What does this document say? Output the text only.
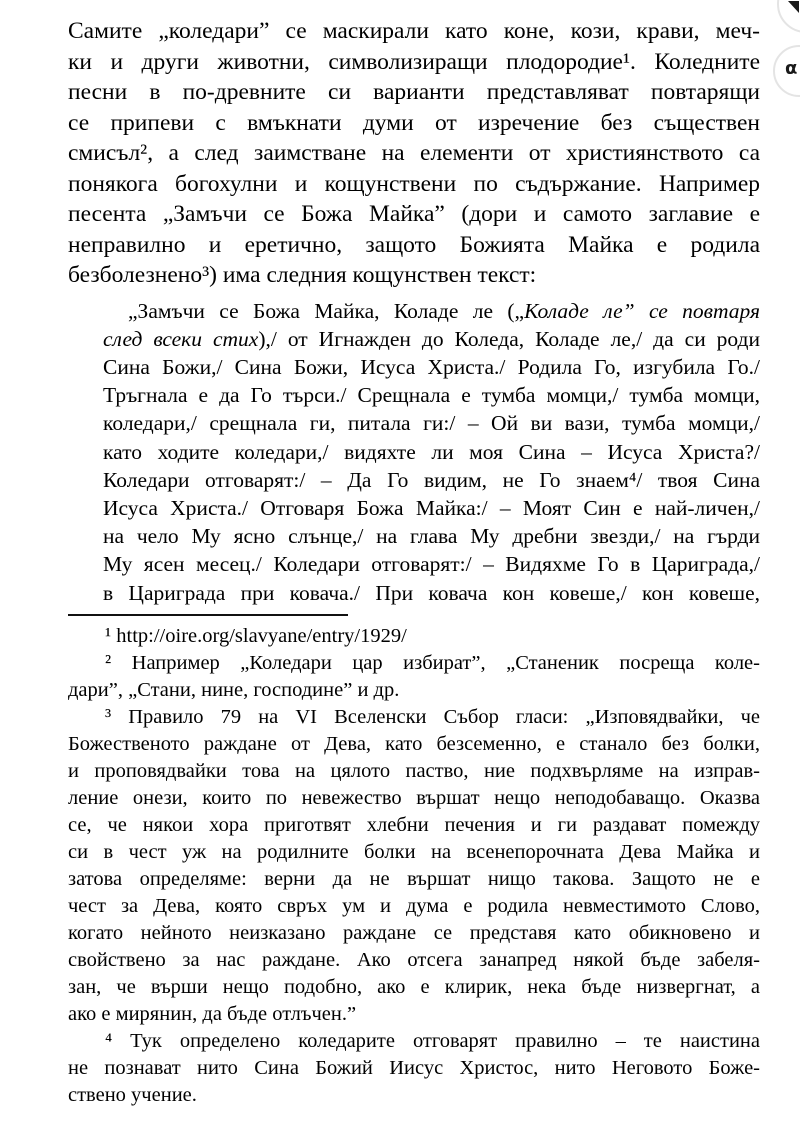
Самите „коледари” се маскирали като коне, кози, крави, меч-
ки и други животни, символизиращи плодородие¹. Коледните
песни в по-древните си варианти представляват повтарящи
се припеви с вмъкнати думи от изречение без съществен
смисъл², а след заимстване на елементи от християнството са
понякога богохулни и кощунствени по съдържание. Например
песента „Замъчи се Божа Майка” (дори и самото заглавие е
неправилно и еретично, защото Божията Майка е родила
безболезнено³) има следния кощунствен текст:
„Замъчи се Божа Майка, Коладе ле („Коладе ле” се повтаря
след всеки стих),/ от Игнажден до Коледа, Коладе ле,/ да си роди
Сина Божи,/ Сина Божи, Исуса Христа./ Родила Го, изгубила Го./
Тръгнала е да Го търси./ Срещнала е тумба момци,/ тумба момци,
коледари,/ срещнала ги, питала ги:/ – Ой ви вази, тумба момци,/
като ходите коледари,/ видяхте ли моя Сина – Исуса Христа?/
Коледари отговарят:/ – Да Го видим, не Го знаем⁴/ твоя Сина
Исуса Христа./ Отговаря Божа Майка:/ – Моят Син е най-личен,/
на чело Му ясно слънце,/ на глава Му дребни звезди,/ на гърди
Му ясен месец./ Коледари отговарят:/ – Видяхме Го в Цариграда,/
в Цариграда при ковача./ При ковача кон ковеше,/ кон ковеше,
¹ http://oire.org/slavyane/entry/1929/
² Например „Коледари цар избират”, „Станеник посреща коле-
дари”, „Стани, нине, господине” и др.
³ Правило 79 на VI Вселенски Събор гласи: „Изповядвайки, че
Божественото раждане от Дева, като безсеменно, е станало без болки,
и проповядвайки това на цялото паство, ние подхвърляме на изправ-
ление онези, които по невежество вършат нещо неподобаващо. Оказва
се, че някои хора приготвят хлебни печения и ги раздават помежду
си в чест уж на родилните болки на всенепорочната Дева Майка и
затова определяме: верни да не вършат нищо такова. Защото не е
чест за Дева, която свръх ум и дума е родила невместимото Слово,
когато нейното неизказано раждане се представя като обикновено и
свойствено за нас раждане. Ако отсега занапред някой бъде забеля-
зан, че върши нещо подобно, ако е клирик, нека бъде низвергнат, а
ако е мирянин, да бъде отлъчен.”
⁴ Тук определено коледарите отговарят правилно – те наистина
не познават нито Сина Божий Иисус Христос, нито Неговото Боже-
ствено учение.
α
